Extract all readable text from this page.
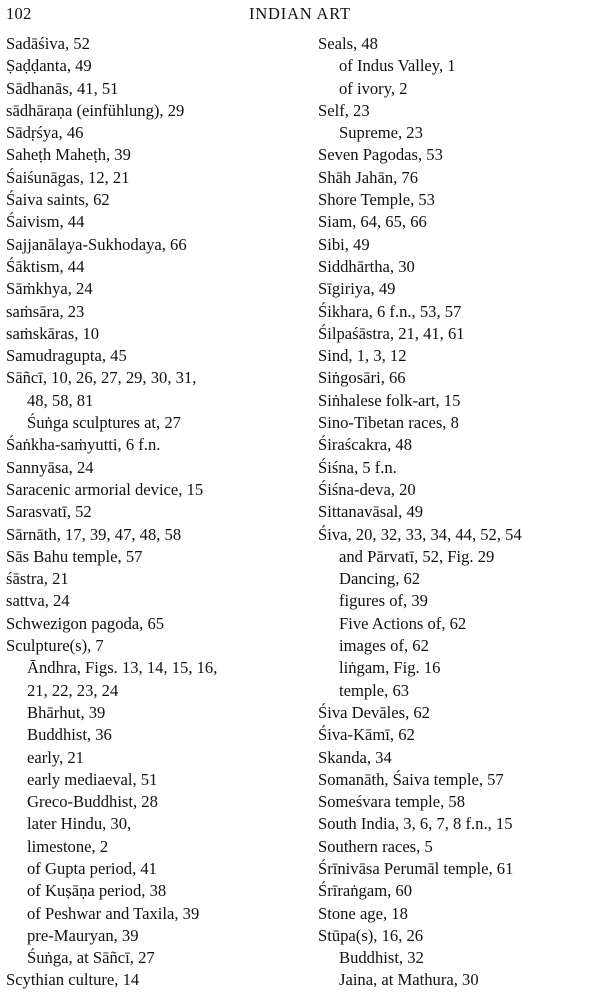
102	INDIAN ART
Sadāśiva, 52
Ṣaḍḍanta, 49
Sādhanās, 41, 51
sādhāraṇa (einfühlung), 29
Sādṛśya, 46
Saheṭh Maheṭh, 39
Śaiśunāgas, 12, 21
Śaiva saints, 62
Śaivism, 44
Sajjanālaya-Sukhodaya, 66
Śāktism, 44
Sāṁkhya, 24
saṁsāra, 23
saṁskāras, 10
Samudragupta, 45
Sāñcī, 10, 26, 27, 29, 30, 31,
48, 58, 81
Śuṅga sculptures at, 27
Śaṅkha-saṁyutti, 6 f.n.
Sannyāsa, 24
Saracenic armorial device, 15
Sarasvatī, 52
Sārnāth, 17, 39, 47, 48, 58
Sās Bahu temple, 57
śāstra, 21
sattva, 24
Schwezigon pagoda, 65
Sculpture(s), 7
Āndhra, Figs. 13, 14, 15, 16,
21, 22, 23, 24
Bhārhut, 39
Buddhist, 36
early, 21
early mediaeval, 51
Greco-Buddhist, 28
later Hindu, 30,
limestone, 2
of Gupta period, 41
of Kuṣāṇa period, 38
of Peshwar and Taxila, 39
pre-Mauryan, 39
Śuṅga, at Sāñcī, 27
Scythian culture, 14
Seals, 48
of Indus Valley, 1
of ivory, 2
Self, 23
Supreme, 23
Seven Pagodas, 53
Shāh Jahān, 76
Shore Temple, 53
Siam, 64, 65, 66
Sibi, 49
Siddhārtha, 30
Sīgiriya, 49
Śikhara, 6 f.n., 53, 57
Śilpaśāstra, 21, 41, 61
Sind, 1, 3, 12
Siṅgosāri, 66
Siṅhalese folk-art, 15
Sino-Tibetan races, 8
Śiraścakra, 48
Śiśna, 5 f.n.
Śiśna-deva, 20
Sittanavāsal, 49
Śiva, 20, 32, 33, 34, 44, 52, 54
and Pārvatī, 52, Fig. 29
Dancing, 62
figures of, 39
Five Actions of, 62
images of, 62
liṅgam, Fig. 16
temple, 63
Śiva Devāles, 62
Śiva-Kāmī, 62
Skanda, 34
Somanāth, Śaiva temple, 57
Someśvara temple, 58
South India, 3, 6, 7, 8 f.n., 15
Southern races, 5
Śrīnivāsa Perumāl temple, 61
Śrīraṅgam, 60
Stone age, 18
Stūpa(s), 16, 26
Buddhist, 32
Jaina, at Mathura, 30
